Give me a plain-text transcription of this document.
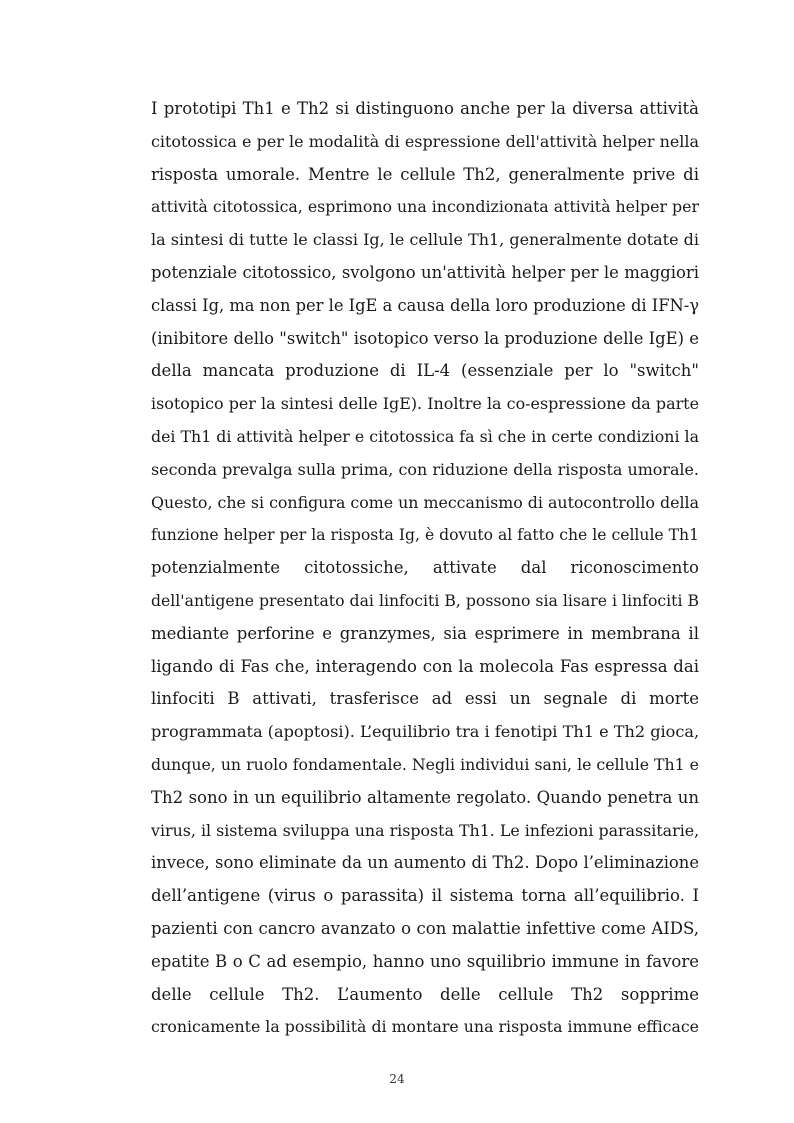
I prototipi Th1 e Th2 si distinguono anche per la diversa attività
citotossica e per le modalità di espressione dell'attività helper nella
risposta umorale. Mentre le cellule Th2, generalmente prive di
attività citotossica, esprimono una incondizionata attività helper per
la sintesi di tutte le classi Ig, le cellule Th1, generalmente dotate di
potenziale citotossico, svolgono un'attività helper per le maggiori
classi Ig, ma non per le IgE a causa della loro produzione di IFN-γ
(inibitore dello "switch" isotopico verso la produzione delle IgE) e
della mancata produzione di IL-4 (essenziale per lo "switch"
isotopico per la sintesi delle IgE). Inoltre la co-espressione da parte
dei Th1 di attività helper e citotossica fa sì che in certe condizioni la
seconda prevalga sulla prima, con riduzione della risposta umorale.
Questo, che si configura come un meccanismo di autocontrollo della
funzione helper per la risposta Ig, è dovuto al fatto che le cellule Th1
potenzialmente citotossiche, attivate dal riconoscimento
dell'antigene presentato dai linfociti B, possono sia lisare i linfociti B
mediante perforine e granzymes, sia esprimere in membrana il
ligando di Fas che, interagendo con la molecola Fas espressa dai
linfociti B attivati, trasferisce ad essi un segnale di morte
programmata (apoptosi). L’equilibrio tra i fenotipi Th1 e Th2 gioca,
dunque, un ruolo fondamentale. Negli individui sani, le cellule Th1 e
Th2 sono in un equilibrio altamente regolato. Quando penetra un
virus, il sistema sviluppa una risposta Th1. Le infezioni parassitarie,
invece, sono eliminate da un aumento di Th2. Dopo l’eliminazione
dell’antigene (virus o parassita) il sistema torna all’equilibrio. I
pazienti con cancro avanzato o con malattie infettive come AIDS,
epatite B o C ad esempio, hanno uno squilibrio immune in favore
delle cellule Th2. L’aumento delle cellule Th2 sopprime
cronicamente la possibilità di montare una risposta immune efficace
24
